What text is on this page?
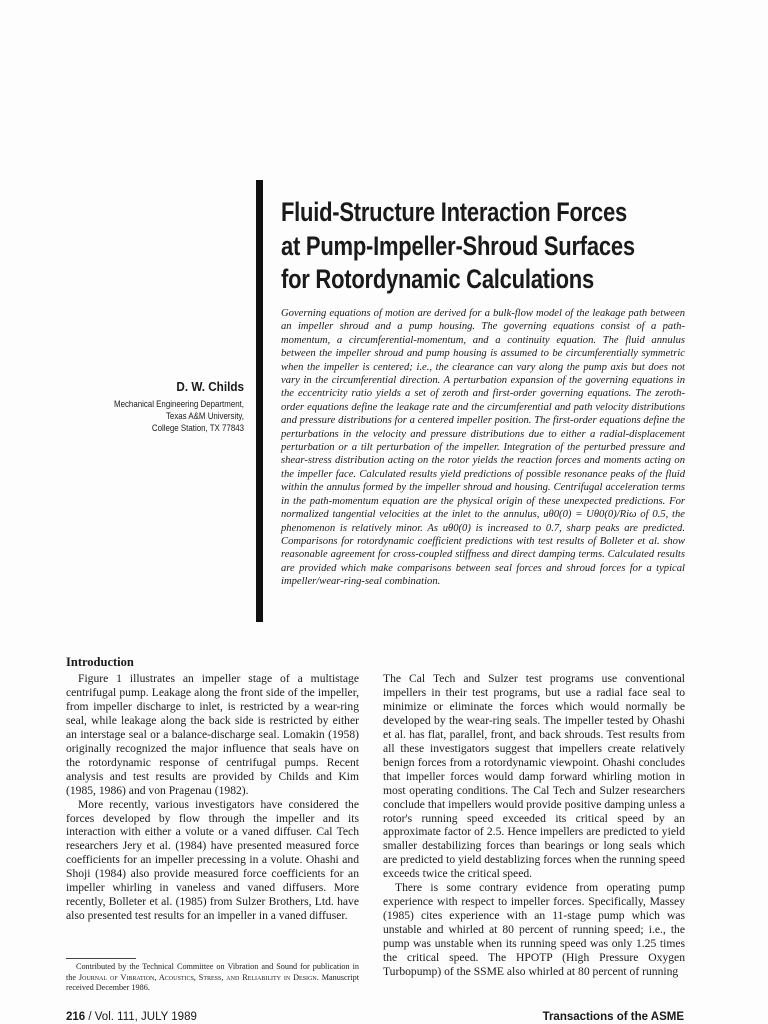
Fluid-Structure Interaction Forces
at Pump-Impeller-Shroud Surfaces
for Rotordynamic Calculations

Governing equations of motion are derived for a bulk-flow model of the leakage path between an impeller shroud and a pump housing. The governing equations consist of a path-momentum, a circumferential-momentum, and a continuity equation. The fluid annulus between the impeller shroud and pump housing is assumed to be circumferentially symmetric when the impeller is centered; i.e., the clearance can vary along the pump axis but does not vary in the circumferential direction. A perturbation expansion of the governing equations in the eccentricity ratio yields a set of zeroth and first-order governing equations. The zeroth-order equations define the leakage rate and the circumferential and path velocity distributions and pressure distributions for a centered impeller position. The first-order equations define the perturbations in the velocity and pressure distributions due to either a radial-displacement perturbation or a tilt perturbation of the impeller. Integration of the perturbed pressure and shear-stress distribution acting on the rotor yields the reaction forces and moments acting on the impeller face. Calculated results yield predictions of possible resonance peaks of the fluid within the annulus formed by the impeller shroud and housing. Centrifugal acceleration terms in the path-momentum equation are the physical origin of these unexpected predictions. For normalized tangential velocities at the inlet to the annulus, uθ0(0) = Uθ0(0)/Riω of 0.5, the phenomenon is relatively minor. As uθ0(0) is increased to 0.7, sharp peaks are predicted. Comparisons for rotordynamic coefficient predictions with test results of Bolleter et al. show reasonable agreement for cross-coupled stiffness and direct damping terms. Calculated results are provided which make comparisons between seal forces and shroud forces for a typical impeller/wear-ring-seal combination.

D. W. Childs
Mechanical Engineering Department,
Texas A&M University,
College Station, TX 77843
Introduction

Figure 1 illustrates an impeller stage of a multistage centrifugal pump. Leakage along the front side of the impeller, from impeller discharge to inlet, is restricted by a wear-ring seal, while leakage along the back side is restricted by either an interstage seal or a balance-discharge seal. Lomakin (1958) originally recognized the major influence that seals have on the rotordynamic response of centrifugal pumps. Recent analysis and test results are provided by Childs and Kim (1985, 1986) and von Pragenau (1982).

More recently, various investigators have considered the forces developed by flow through the impeller and its interaction with either a volute or a vaned diffuser. Cal Tech researchers Jery et al. (1984) have presented measured force coefficients for an impeller precessing in a volute. Ohashi and Shoji (1984) also provide measured force coefficients for an impeller whirling in vaneless and vaned diffusers. More recently, Bolleter et al. (1985) from Sulzer Brothers, Ltd. have also presented test results for an impeller in a vaned diffuser.

The Cal Tech and Sulzer test programs use conventional impellers in their test programs, but use a radial face seal to minimize or eliminate the forces which would normally be developed by the wear-ring seals. The impeller tested by Ohashi et al. has flat, parallel, front, and back shrouds. Test results from all these investigators suggest that impellers create relatively benign forces from a rotordynamic viewpoint. Ohashi concludes that impeller forces would damp forward whirling motion in most operating conditions. The Cal Tech and Sulzer researchers conclude that impellers would provide positive damping unless a rotor's running speed exceeded its critical speed by an approximate factor of 2.5. Hence impellers are predicted to yield smaller destabilizing forces than bearings or long seals which are predicted to yield destablizing forces when the running speed exceeds twice the critical speed.

There is some contrary evidence from operating pump experience with respect to impeller forces. Specifically, Massey (1985) cites experience with an 11-stage pump which was unstable and whirled at 80 percent of running speed; i.e., the pump was unstable when its running speed was only 1.25 times the critical speed. The HPOTP (High Pressure Oxygen Turbopump) of the SSME also whirled at 80 percent of running

Contributed by the Technical Committee on Vibration and Sound for publication in the Journal of Vibration, Acoustics, Stress, and Reliability in Design. Manuscript received December 1986.

216 / Vol. 111, JULY 1989	Transactions of the ASME
